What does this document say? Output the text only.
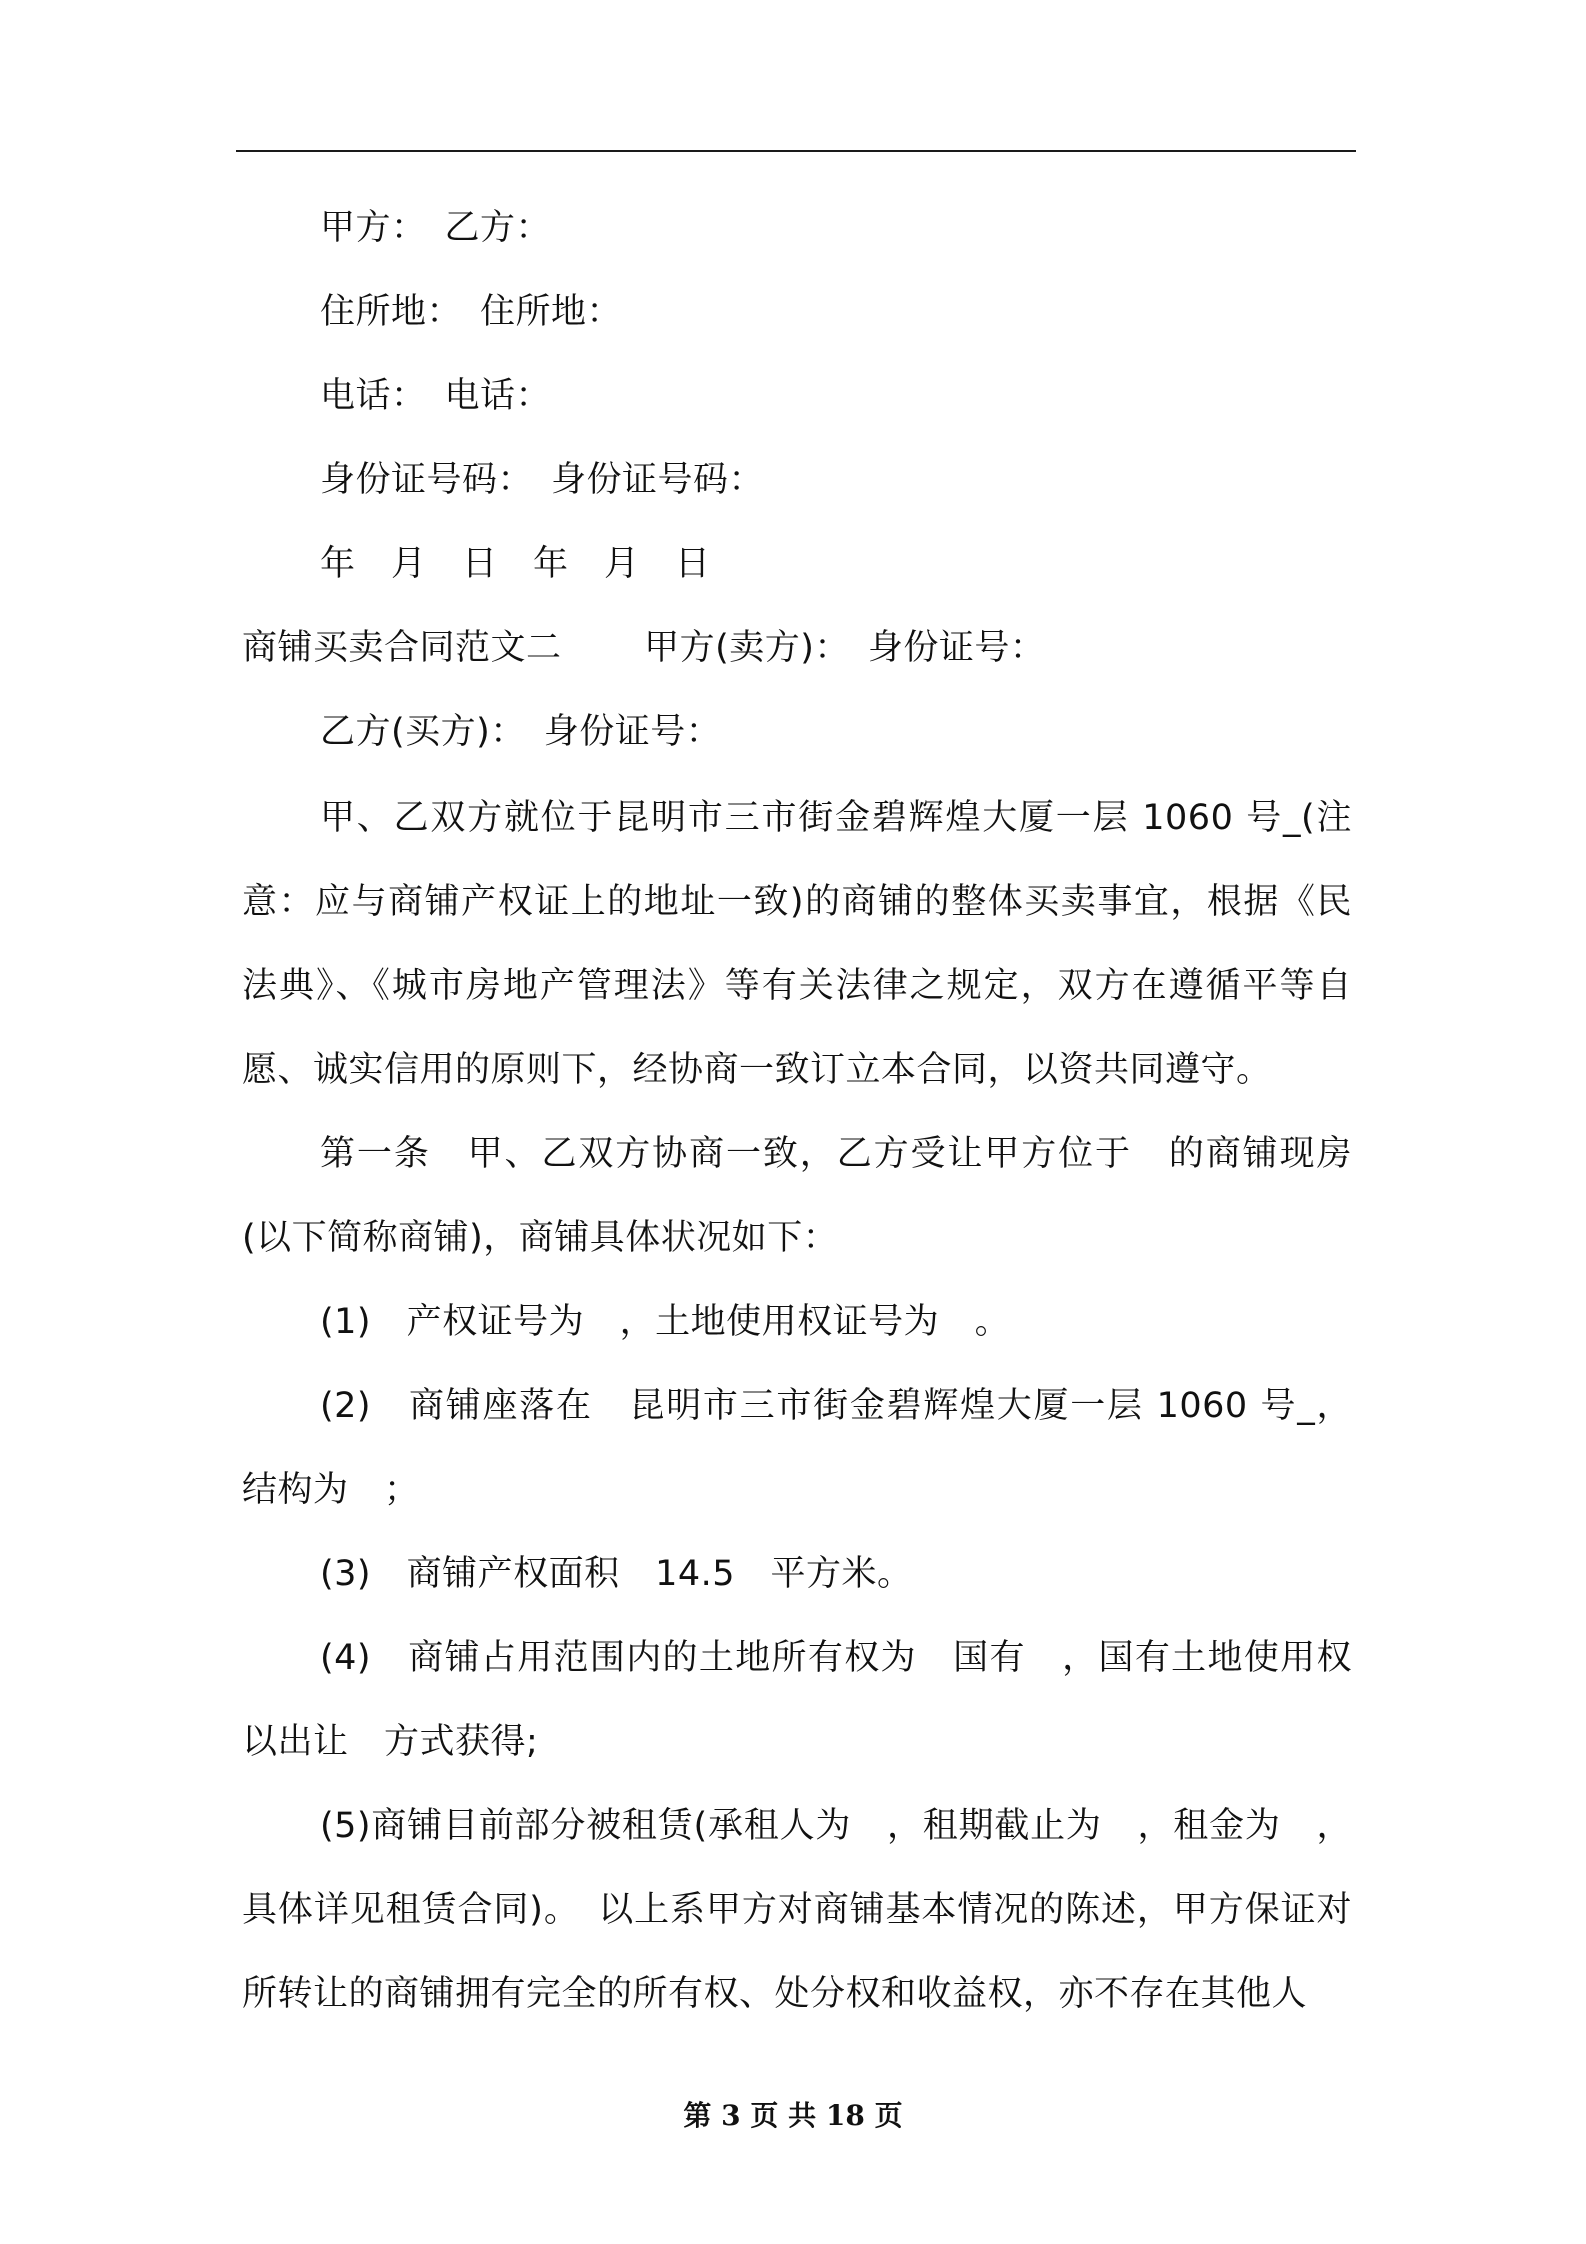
甲方：　乙方：
住所地：　住所地：
电话：　电话：
身份证号码：　身份证号码：
年　月　日　年　月　日
商铺买卖合同范文二　　 甲方(卖方)：　身份证号：
乙方(买方)：　身份证号：
甲、乙双方就位于昆明市三市街金碧辉煌大厦一层 1060 号_(注意：应与商铺产权证上的地址一致)的商铺的整体买卖事宜，根据《民法典》、《城市房地产管理法》等有关法律之规定，双方在遵循平等自愿、诚实信用的原则下，经协商一致订立本合同，以资共同遵守。
第一条　甲、乙双方协商一致，乙方受让甲方位于　的商铺现房(以下简称商铺)，商铺具体状况如下：
(1)　产权证号为　，土地使用权证号为　。
(2)　商铺座落在　昆明市三市街金碧辉煌大厦一层 1060 号_，结构为　；
(3)　商铺产权面积　14.5　平方米。
(4)　商铺占用范围内的土地所有权为　国有　，国有土地使用权以出让　方式获得;
(5)商铺目前部分被租赁(承租人为　，租期截止为　，租金为　，具体详见租赁合同)。　以上系甲方对商铺基本情况的陈述，甲方保证对所转让的商铺拥有完全的所有权、处分权和收益权，亦不存在其他人
第 3 页 共 18 页
